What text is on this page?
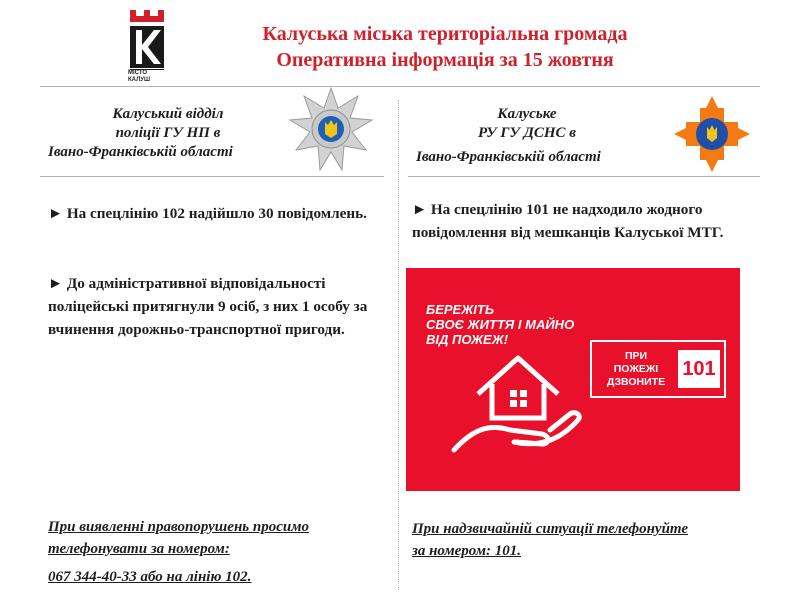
МІСТО
КАЛУШ
Калуська міська територіальна громада
Оперативна інформація за 15 жовтня
Калуський відділ
поліції ГУ НП в
Івано-Франківській області
Калуське
РУ ГУ ДСНС в
Івано-Франківській області
► На спецлінію 102 надійшло 30 повідомлень.
► До адміністративної відповідальності поліцейські притягнули 9 осіб, з них 1 особу за вчинення дорожньо-транспортної пригоди.
► На спецлінію 101 не надходило жодного повідомлення від мешканців Калуської МТГ.
БЕРЕЖІТЬ
СВОЄ ЖИТТЯ І МАЙНО
ВІД ПОЖЕЖ!
ПРИ
ПОЖЕЖІ
ДЗВОНИТЕ
101
При виявленні правопорушень просимо
телефонувати за номером:
067 344-40-33 або на лінію 102.
При надзвичайній ситуації телефонуйте
за номером: 101.
